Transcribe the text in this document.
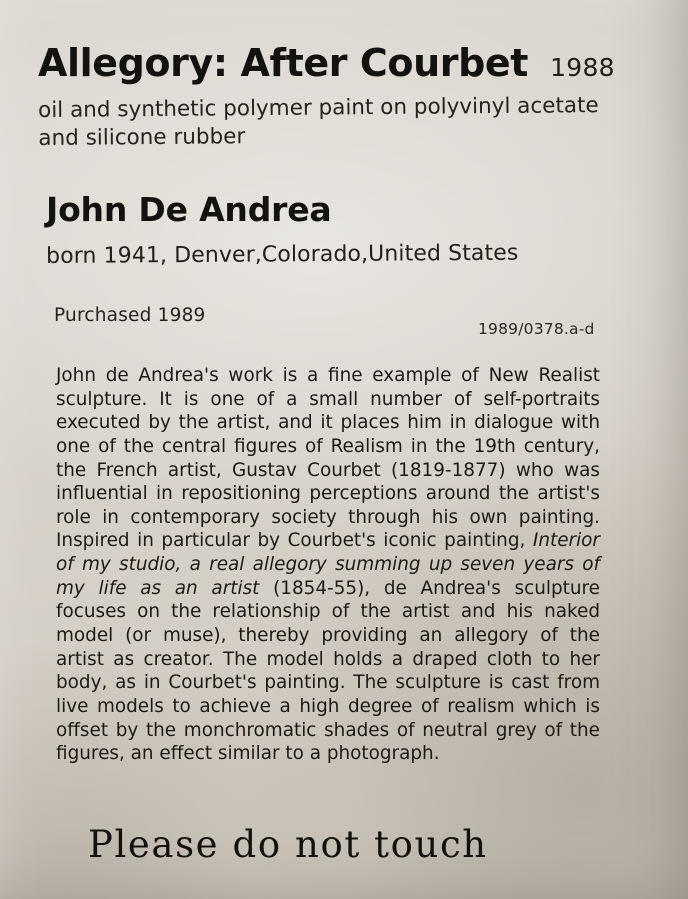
Allegory: After Courbet 1988
oil and synthetic polymer paint on polyvinyl acetate and silicone rubber
John De Andrea
born 1941, Denver,Colorado,United States
Purchased 1989
1989/0378.a-d
John de Andrea's work is a fine example of New Realist sculpture. It is one of a small number of self-portraits executed by the artist, and it places him in dialogue with one of the central figures of Realism in the 19th century, the French artist, Gustav Courbet (1819-1877) who was influential in repositioning perceptions around the artist's role in contemporary society through his own painting. Inspired in particular by Courbet's iconic painting, Interior of my studio, a real allegory summing up seven years of my life as an artist (1854-55), de Andrea's sculpture focuses on the relationship of the artist and his naked model (or muse), thereby providing an allegory of the artist as creator. The model holds a draped cloth to her body, as in Courbet's painting. The sculpture is cast from live models to achieve a high degree of realism which is offset by the monchromatic shades of neutral grey of the figures, an effect similar to a photograph.
Please do not touch
